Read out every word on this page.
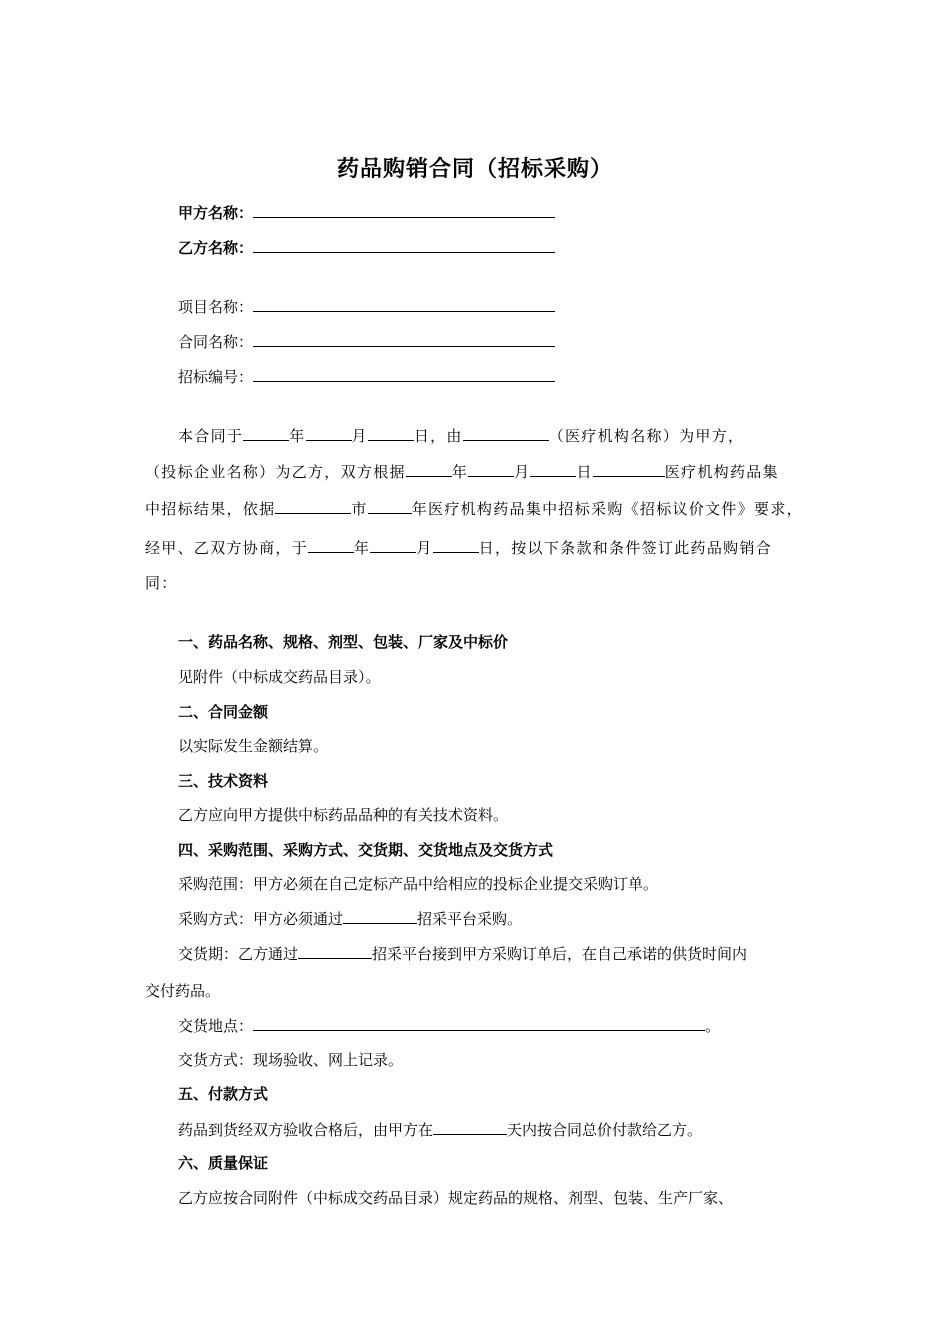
药品购销合同（招标采购）
甲方名称：
乙方名称：
项目名称：
合同名称：
招标编号：
本合同于	年	月	日，由	（医疗机构名称）为甲方，
（投标企业名称）为乙方，双方根据	年	月	日	医疗机构药品集
中招标结果，依据	市	年医疗机构药品集中招标采购《招标议价文件》要求，
经甲、乙双方协商，于	年	月	日，按以下条款和条件签订此药品购销合
同：
一、药品名称、规格、剂型、包装、厂家及中标价
见附件（中标成交药品目录）。
二、合同金额
以实际发生金额结算。
三、技术资料
乙方应向甲方提供中标药品品种的有关技术资料。
四、采购范围、采购方式、交货期、交货地点及交货方式
采购范围：甲方必须在自己定标产品中给相应的投标企业提交采购订单。
采购方式：甲方必须通过	招采平台采购。
交货期：乙方通过	招采平台接到甲方采购订单后，在自己承诺的供货时间内
交付药品。
交货地点：	。
交货方式：现场验收、网上记录。
五、付款方式
药品到货经双方验收合格后，由甲方在	天内按合同总价付款给乙方。
六、质量保证
乙方应按合同附件（中标成交药品目录）规定药品的规格、剂型、包装、生产厂家、
